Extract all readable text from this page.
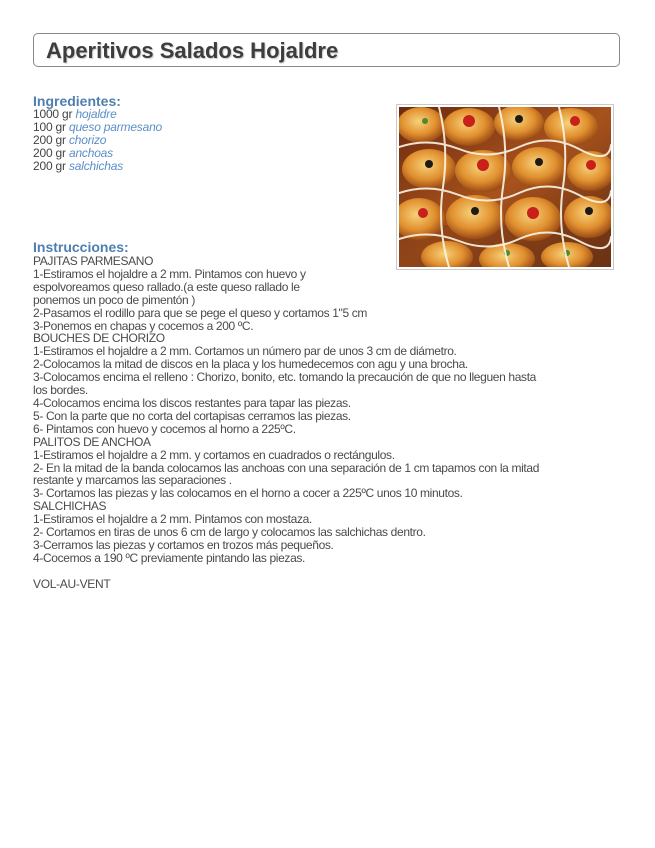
Aperitivos Salados Hojaldre
Ingredientes:
1000 gr hojaldre
100 gr queso parmesano
200 gr chorizo
200 gr anchoas
200 gr salchichas
Instrucciones:
PAJITAS PARMESANO
1-Estiramos el hojaldre a 2 mm. Pintamos con huevo y
espolvoreamos queso rallado.(a este queso rallado le
ponemos un poco de pimentón )
2-Pasamos el rodillo para que se pege el queso y cortamos 1"5 cm
3-Ponemos en chapas y cocemos a 200 ºC.
BOUCHES DE CHORIZO
1-Estiramos el hojaldre a 2 mm. Cortamos un número par de unos 3 cm de diámetro.
2-Colocamos la mitad de discos en la placa y los humedecemos con agu y una brocha.
3-Colocamos encima el relleno : Chorizo, bonito, etc. tomando la precaución de que no lleguen hasta
los bordes.
4-Colocamos encima los discos restantes para tapar las piezas.
5- Con la parte que no corta del cortapisas cerramos las piezas.
6- Pintamos con huevo y cocemos al horno a 225ºC.
PALITOS DE ANCHOA
1-Estiramos el hojaldre a 2 mm. y cortamos en cuadrados o rectángulos.
2- En la mitad de la banda colocamos las anchoas con una separación de 1 cm tapamos con la mitad
restante y marcamos las separaciones .
3- Cortamos las piezas y las colocamos en el horno a cocer a 225ºC unos 10 minutos.
SALCHICHAS
1-Estiramos el hojaldre a 2 mm. Pintamos con mostaza.
2- Cortamos en tiras de unos 6 cm de largo y colocamos las salchichas dentro.
3-Cerramos las piezas y cortamos en trozos más pequeños.
4-Cocemos a 190 ºC previamente pintando las piezas.
VOL-AU-VENT
